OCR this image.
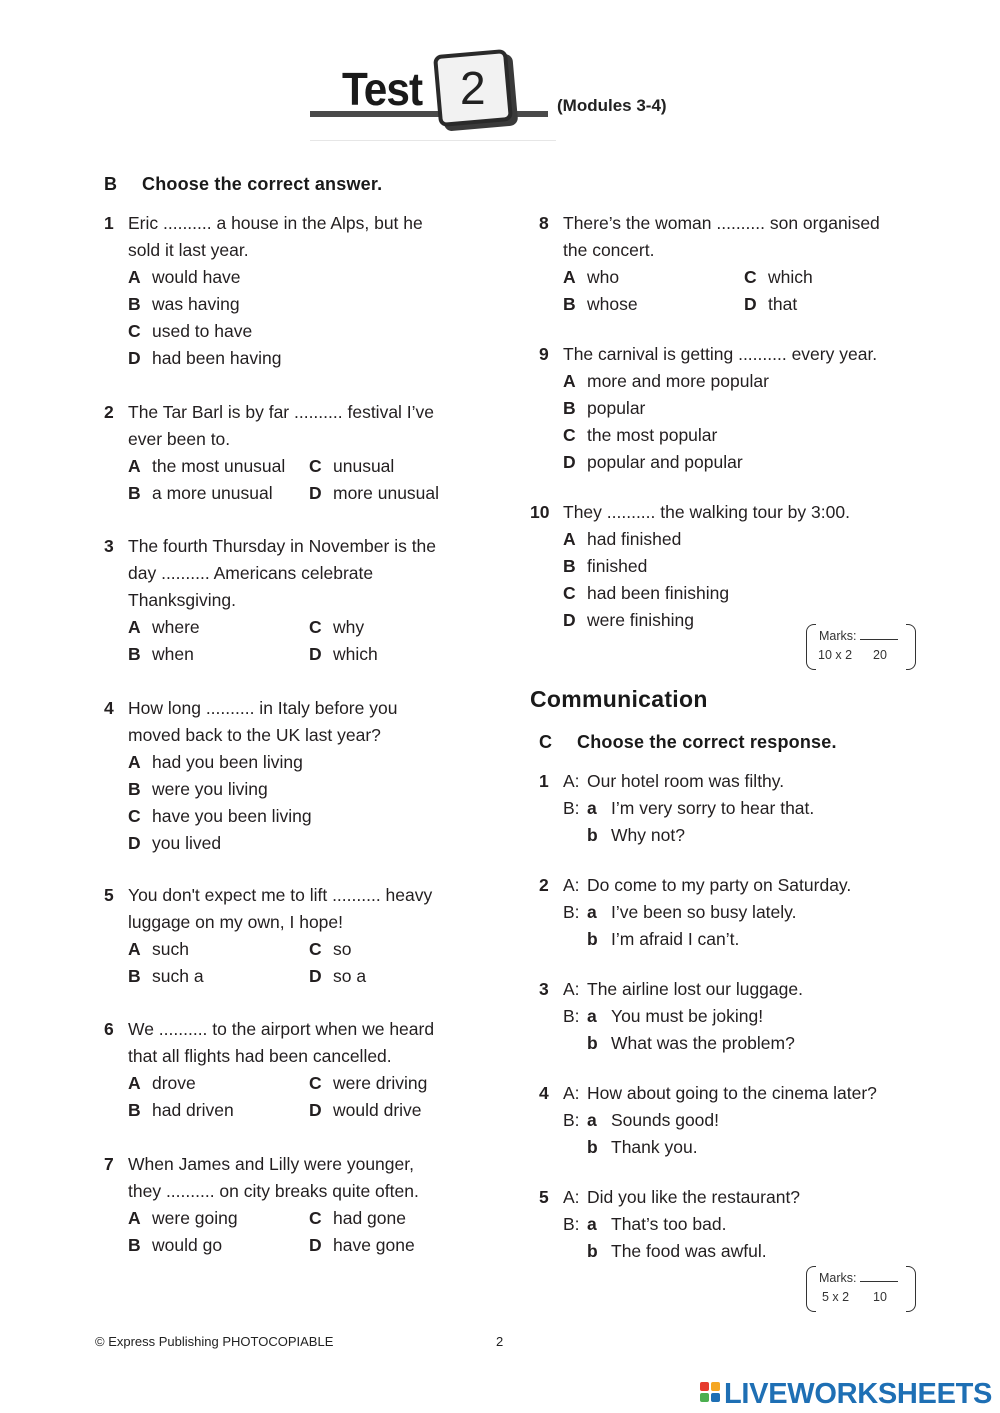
Test 2	(Modules 3-4)
B Choose the correct answer.
1 Eric .......... a house in the Alps, but he
sold it last year.
A would have
B was having
C used to have
D had been having
2 The Tar Barl is by far .......... festival I’ve
ever been to.
A the most unusual
B a more unusual
C unusual
D more unusual
3 The fourth Thursday in November is the
day .......... Americans celebrate
Thanksgiving.
A where
B when
C why
D which
4 How long .......... in Italy before you
moved back to the UK last year?
A had you been living
B were you living
C have you been living
D you lived
5 You don't expect me to lift .......... heavy
luggage on my own, I hope!
A such
B such a
C so
D so a
6 We .......... to the airport when we heard
that all flights had been cancelled.
A drove
B had driven
C were driving
D would drive
7 When James and Lilly were younger,
they .......... on city breaks quite often.
A were going
B would go
C had gone
D have gone
8 There’s the woman .......... son organised
the concert.
A who
B whose
C which
D that
9 The carnival is getting .......... every year.
A more and more popular
B popular
C the most popular
D popular and popular
10 They .......... the walking tour by 3:00.
A had finished
B finished
C had been finishing
D were finishing
Marks:
10 x 2 20
Communication
C Choose the correct response.
1 A: Our hotel room was filthy.
B: a I’m very sorry to hear that.
b Why not?
2 A: Do come to my party on Saturday.
B: a I’ve been so busy lately.
b I’m afraid I can’t.
3 A: The airline lost our luggage.
B: a You must be joking!
b What was the problem?
4 A: How about going to the cinema later?
B: a Sounds good!
b Thank you.
5 A: Did you like the restaurant?
B: a That’s too bad.
b The food was awful.
Marks:
5 x 2 10
© Express Publishing PHOTOCOPIABLE	2
LIVEWORKSHEETS
